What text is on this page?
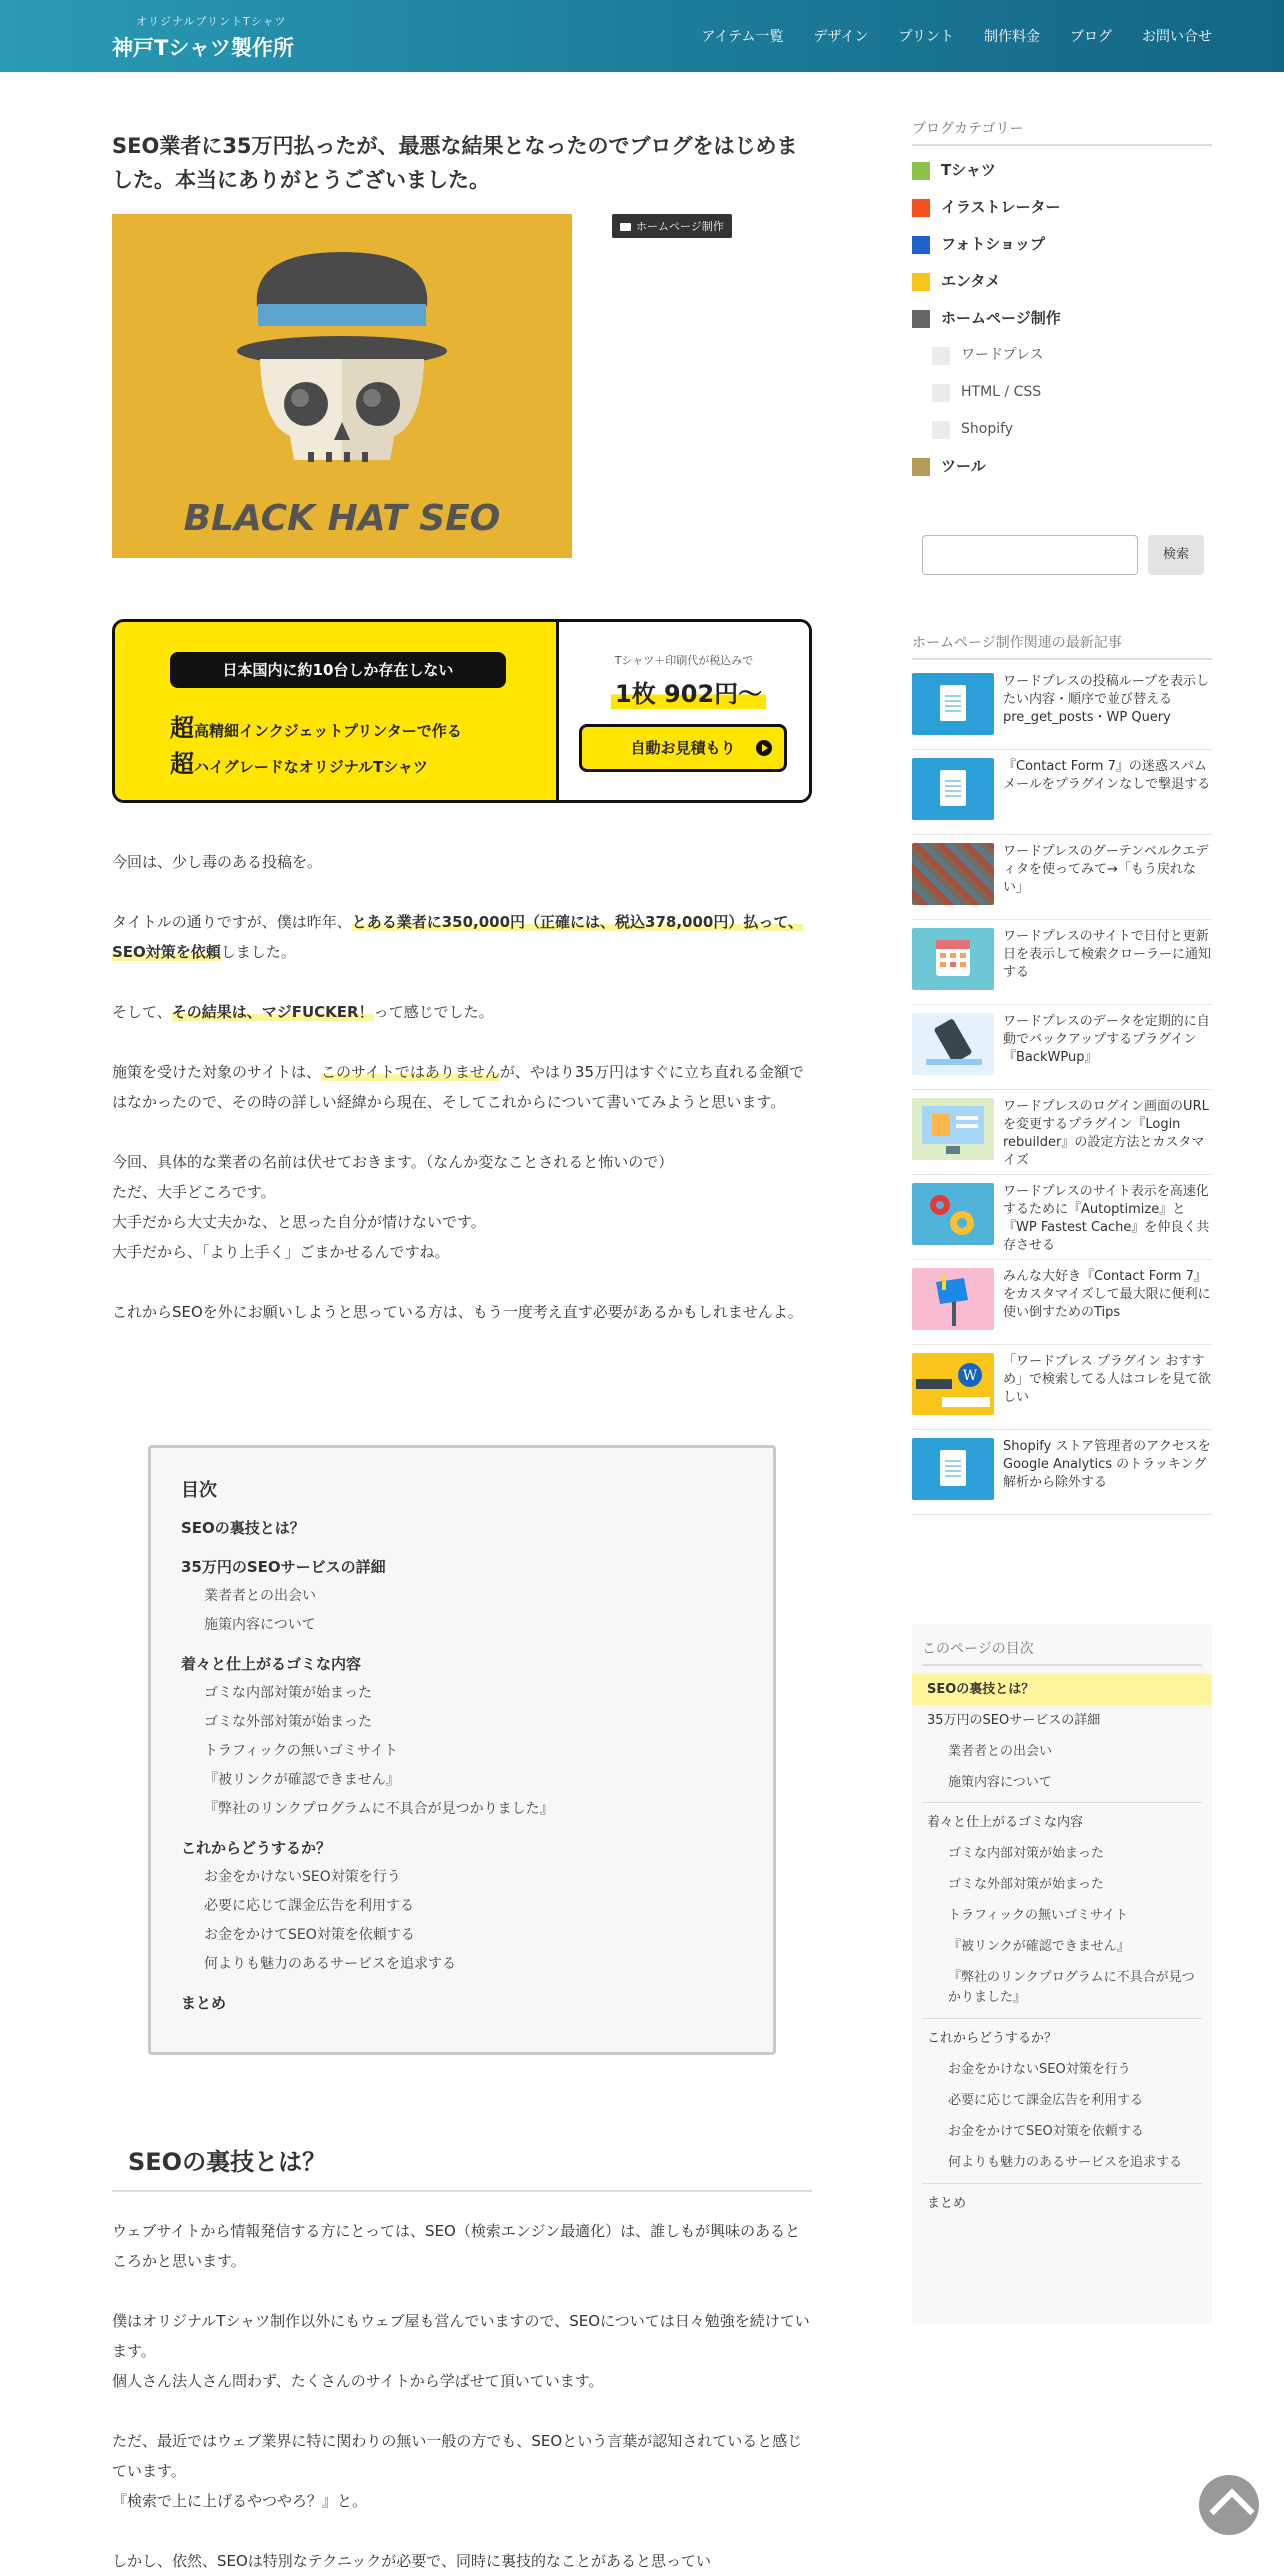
オリジナルプリントTシャツ
神戸Tシャツ製作所	アイテム一覧 デザイン プリント 制作料金 ブログ お問い合せ
SEO業者に35万円払ったが、最悪な結果となったのでブログをはじめました。本当にありがとうございました。
BLACK HAT SEO
ホームページ制作
日本国内に約10台しか存在しない
超高精細インクジェットプリンターで作る
超ハイグレードなオリジナルTシャツ
Tシャツ＋印刷代が税込みで
1枚 902円〜
自動お見積もり

今回は、少し毒のある投稿を。

タイトルの通りですが、僕は昨年、とある業者に350,000円（正確には、税込378,000円）払って、SEO対策を依頼しました。

そして、その結果は、マジFUCKER！って感じでした。

施策を受けた対象のサイトは、このサイトではありませんが、やはり35万円はすぐに立ち直れる金額ではなかったので、その時の詳しい経緯から現在、そしてこれからについて書いてみようと思います。

今回、具体的な業者の名前は伏せておきます。（なんか変なことされると怖いので）
ただ、大手どころです。
大手だから大丈夫かな、と思った自分が情けないです。
大手だから、「より上手く」ごまかせるんですね。

これからSEOを外にお願いしようと思っている方は、もう一度考え直す必要があるかもしれませんよ。

目次
SEOの裏技とは？
35万円のSEOサービスの詳細
業者者との出会い
施策内容について
着々と仕上がるゴミな内容
ゴミな内部対策が始まった
ゴミな外部対策が始まった
トラフィックの無いゴミサイト
『被リンクが確認できません』
『弊社のリンクプログラムに不具合が見つかりました』
これからどうするか？
お金をかけないSEO対策を行う
必要に応じて課金広告を利用する
お金をかけてSEO対策を依頼する
何よりも魅力のあるサービスを追求する
まとめ
SEOの裏技とは？

ウェブサイトから情報発信する方にとっては、SEO（検索エンジン最適化）は、誰しもが興味のあるところかと思います。

僕はオリジナルTシャツ制作以外にもウェブ屋も営んでいますので、SEOについては日々勉強を続けています。
個人さん法人さん問わず、たくさんのサイトから学ばせて頂いています。

ただ、最近ではウェブ業界に特に関わりの無い一般の方でも、SEOという言葉が認知されていると感じています。
『検索で上に上げるやつやろ？』と。

しかし、依然、SEOは特別なテクニックが必要で、同時に裏技的なことがあると思ってい

ブログカテゴリー
Tシャツ
イラストレーター
フォトショップ
エンタメ
ホームページ制作
ワードプレス
HTML / CSS
Shopify
ツール
検索
ホームページ制作関連の最新記事
ワードプレスの投稿ループを表示したい内容・順序で並び替えるpre_get_posts・WP Query
『Contact Form 7』の迷惑スパムメールをプラグインなしで撃退する
ワードプレスのグーテンベルクエディタを使ってみて→「もう戻れない」
ワードプレスのサイトで日付と更新日を表示して検索クローラーに通知する
ワードプレスのデータを定期的に自動でバックアップするプラグイン『BackWPup』
ワードプレスのログイン画面のURLを変更するプラグイン『Login rebuilder』の設定方法とカスタマイズ
ワードプレスのサイト表示を高速化するために『Autoptimize』と『WP Fastest Cache』を仲良く共存させる
みんな大好き『Contact Form 7』をカスタマイズして最大限に便利に使い倒すためのTips
W
「ワードプレス プラグイン おすすめ」で検索してる人はコレを見て欲しい
Shopify ストア管理者のアクセスを Google Analytics のトラッキング解析から除外する
このページの目次
SEOの裏技とは？
35万円のSEOサービスの詳細
業者者との出会い
施策内容について
着々と仕上がるゴミな内容
ゴミな内部対策が始まった
ゴミな外部対策が始まった
トラフィックの無いゴミサイト
『被リンクが確認できません』
『弊社のリンクプログラムに不具合が見つかりました』
これからどうするか？
お金をかけないSEO対策を行う
必要に応じて課金広告を利用する
お金をかけてSEO対策を依頼する
何よりも魅力のあるサービスを追求する
まとめ
